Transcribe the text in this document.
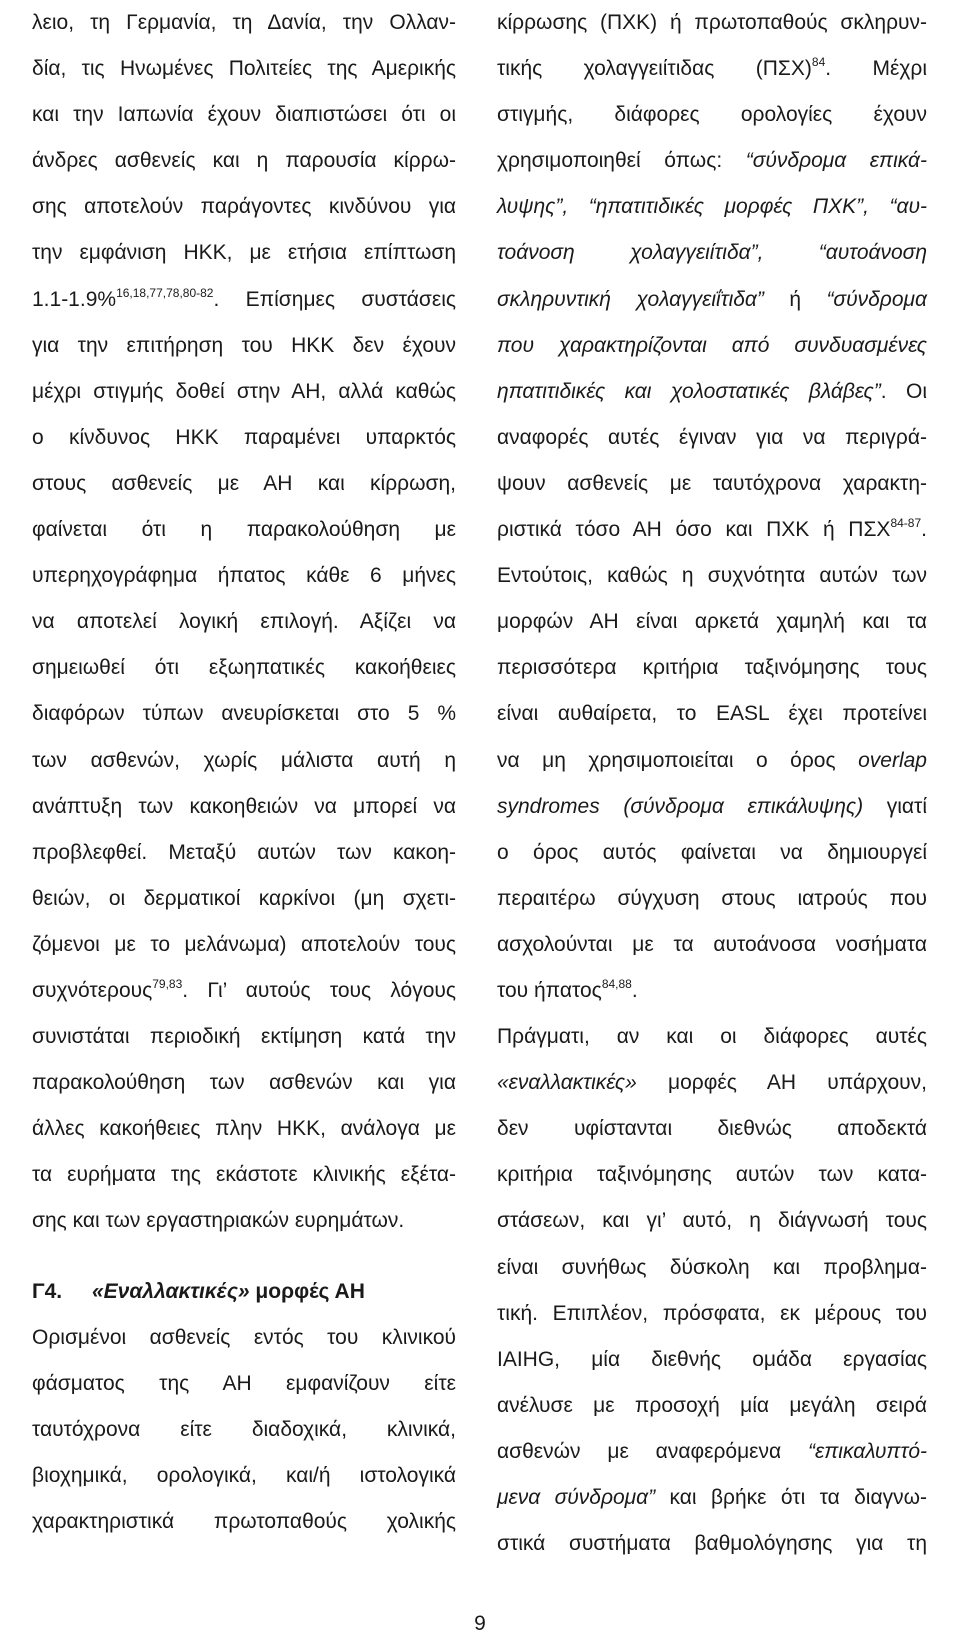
λειο, τη Γερμανία, τη Δανία, την Ολλαν-
δία, τις Ηνωμένες Πολιτείες της Αμερικής
και την Ιαπωνία έχουν διαπιστώσει ότι οι
άνδρες ασθενείς και η παρουσία κίρρω-
σης αποτελούν παράγοντες κινδύνου για
την εμφάνιση ΗΚΚ, με ετήσια επίπτωση
1.1-1.9%$^{16,18,77,78,80-82}$. Επίσημες συστάσεις
για την επιτήρηση του ΗΚΚ δεν έχουν
μέχρι στιγμής δοθεί στην ΑΗ, αλλά καθώς
ο κίνδυνος ΗΚΚ παραμένει υπαρκτός
στους ασθενείς με ΑΗ και κίρρωση,
φαίνεται ότι η παρακολούθηση με
υπερηχογράφημα ήπατος κάθε 6 μήνες
να αποτελεί λογική επιλογή. Αξίζει να
σημειωθεί ότι εξωηπατικές κακοήθειες
διαφόρων τύπων ανευρίσκεται στο 5 %
των ασθενών, χωρίς μάλιστα αυτή η
ανάπτυξη των κακοηθειών να μπορεί να
προβλεφθεί. Μεταξύ αυτών των κακοη-
θειών, οι δερματικοί καρκίνοι (μη σχετι-
ζόμενοι με το μελάνωμα) αποτελούν τους
συχνότερους$^{79,83}$. Γι’ αυτούς τους λόγους
συνιστάται περιοδική εκτίμηση κατά την
παρακολούθηση των ασθενών και για
άλλες κακοήθειες πλην ΗΚΚ, ανάλογα με
τα ευρήματα της εκάστοτε κλινικής εξέτα-
σης και των εργαστηριακών ευρημάτων.
Γ4. «Εναλλακτικές» μορφές ΑΗ
Ορισμένοι ασθενείς εντός του κλινικού
φάσματος της ΑΗ εμφανίζουν είτε
ταυτόχρονα είτε διαδοχικά, κλινικά,
βιοχημικά, ορολογικά, και/ή ιστολογικά
χαρακτηριστικά πρωτοπαθούς χολικής
κίρρωσης (ΠΧΚ) ή πρωτοπαθούς σκληρυν-
τικής χολαγγειίτιδας $(\Pi\Sigma X)^{84}$. Μέχρι
στιγμής, διάφορες ορολογίες έχουν
χρησιμοποιηθεί όπως: “σύνδρομα επικά-
λυψης”, “ηπατιτιδικές μορφές ΠΧΚ”, “αυ-
τοάνοση χολαγγειίτιδα”, “αυτοάνοση
σκληρυντική χολαγγειΐτιδα” ή “σύνδρομα
που χαρακτηρίζονται από συνδυασμένες
ηπατιτιδικές και χολοστατικές βλάβες”. Οι
αναφορές αυτές έγιναν για να περιγρά-
ψουν ασθενείς με ταυτόχρονα χαρακτη-
ριστικά τόσο ΑΗ όσο και ΠΧΚ ή ΠΣΧ$^{84-87}$.
Εντούτοις, καθώς η συχνότητα αυτών των
μορφών ΑΗ είναι αρκετά χαμηλή και τα
περισσότερα κριτήρια ταξινόμησης τους
είναι αυθαίρετα, το EASL έχει προτείνει
να μη χρησιμοποιείται ο όρος overlap
syndromes (σύνδρομα επικάλυψης) γιατί
ο όρος αυτός φαίνεται να δημιουργεί
περαιτέρω σύγχυση στους ιατρούς που
ασχολούνται με τα αυτοάνοσα νοσήματα
του ήπατος$^{84,88}$.
Πράγματι, αν και οι διάφορες αυτές
«εναλλακτικές» μορφές ΑΗ υπάρχουν,
δεν υφίστανται διεθνώς αποδεκτά
κριτήρια ταξινόμησης αυτών των κατα-
στάσεων, και γι’ αυτό, η διάγνωσή τους
είναι συνήθως δύσκολη και προβλημα-
τική. Επιπλέον, πρόσφατα, εκ μέρους του
IAIHG, μία διεθνής ομάδα εργασίας
ανέλυσε με προσοχή μία μεγάλη σειρά
ασθενών με αναφερόμενα “επικαλυπτό-
μενα σύνδρομα” και βρήκε ότι τα διαγνω-
στικά συστήματα βαθμολόγησης για τη
9
